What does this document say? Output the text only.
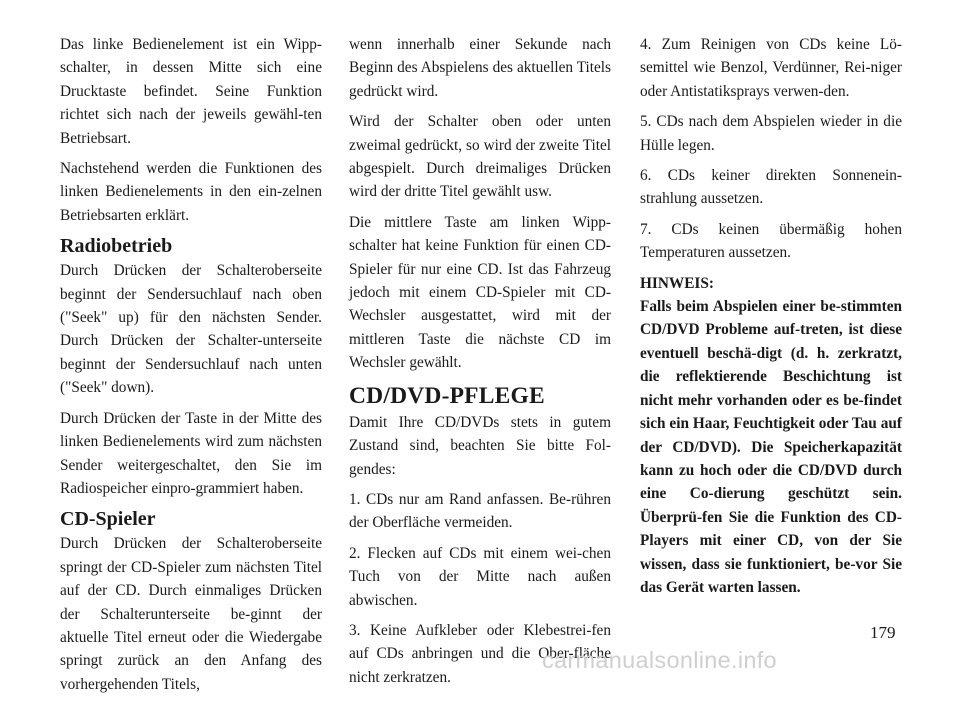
Das linke Bedienelement ist ein Wipp-schalter, in dessen Mitte sich eine Drucktaste befindet. Seine Funktion richtet sich nach der jeweils gewähl-ten Betriebsart.

Nachstehend werden die Funktionen des linken Bedienelements in den ein-zelnen Betriebsarten erklärt.

Radiobetrieb

Durch Drücken der Schalteroberseite beginnt der Sendersuchlauf nach oben ("Seek" up) für den nächsten Sender. Durch Drücken der Schalter-unterseite beginnt der Sendersuchlauf nach unten ("Seek" down).

Durch Drücken der Taste in der Mitte des linken Bedienelements wird zum nächsten Sender weitergeschaltet, den Sie im Radiospeicher einpro-grammiert haben.

CD-Spieler

Durch Drücken der Schalteroberseite springt der CD-Spieler zum nächsten Titel auf der CD. Durch einmaliges Drücken der Schalterunterseite be-ginnt der aktuelle Titel erneut oder die Wiedergabe springt zurück an den Anfang des vorhergehenden Titels,

wenn innerhalb einer Sekunde nach Beginn des Abspielens des aktuellen Titels gedrückt wird.

Wird der Schalter oben oder unten zweimal gedrückt, so wird der zweite Titel abgespielt. Durch dreimaliges Drücken wird der dritte Titel gewählt usw.

Die mittlere Taste am linken Wipp-schalter hat keine Funktion für einen CD-Spieler für nur eine CD. Ist das Fahrzeug jedoch mit einem CD-Spieler mit CD-Wechsler ausgestattet, wird mit der mittleren Taste die nächste CD im Wechsler gewählt.

CD/DVD-PFLEGE

Damit Ihre CD/DVDs stets in gutem Zustand sind, beachten Sie bitte Fol-gendes:

1. CDs nur am Rand anfassen. Be-rühren der Oberfläche vermeiden.

2. Flecken auf CDs mit einem wei-chen Tuch von der Mitte nach außen abwischen.

3. Keine Aufkleber oder Klebestrei-fen auf CDs anbringen und die Ober-fläche nicht zerkratzen.

4. Zum Reinigen von CDs keine Lö-semittel wie Benzol, Verdünner, Rei-niger oder Antistatiksprays verwen-den.

5. CDs nach dem Abspielen wieder in die Hülle legen.

6. CDs keiner direkten Sonnenein-strahlung aussetzen.

7. CDs keinen übermäßig hohen Temperaturen aussetzen.

HINWEIS:

Falls beim Abspielen einer be-stimmten CD/DVD Probleme auf-treten, ist diese eventuell beschä-digt (d. h. zerkratzt, die reflektierende Beschichtung ist nicht mehr vorhanden oder es be-findet sich ein Haar, Feuchtigkeit oder Tau auf der CD/DVD). Die Speicherkapazität kann zu hoch oder die CD/DVD durch eine Co-dierung geschützt sein. Überprü-fen Sie die Funktion des CD-Players mit einer CD, von der Sie wissen, dass sie funktioniert, be-vor Sie das Gerät warten lassen.

179
carmanualsonline.info
